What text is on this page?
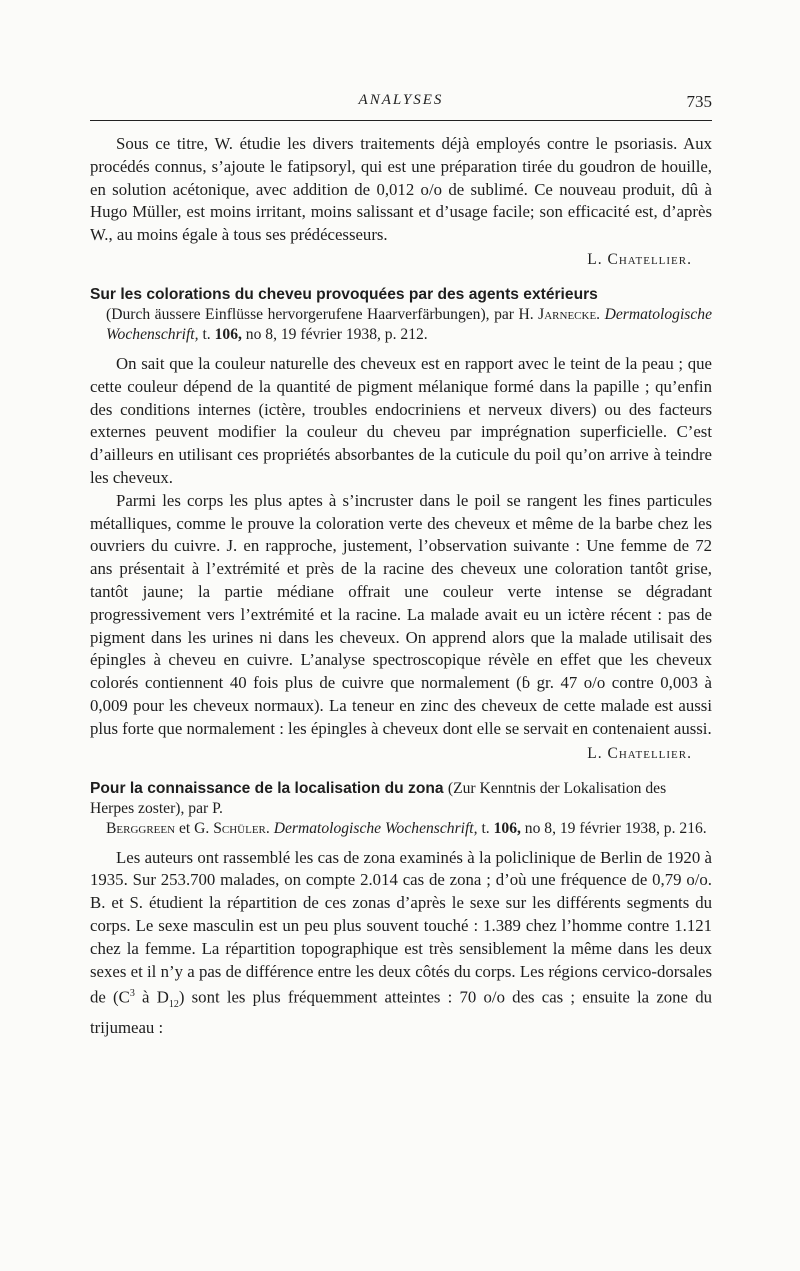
ANALYSES	735

Sous ce titre, W. étudie les divers traitements déjà employés contre le psoriasis. Aux procédés connus, s’ajoute le fatipsoryl, qui est une préparation tirée du goudron de houille, en solution acétonique, avec addition de 0,012 o/o de sublimé. Ce nouveau produit, dû à Hugo Müller, est moins irritant, moins salissant et d’usage facile; son efficacité est, d’après W., au moins égale à tous ses prédécesseurs.

L. Chatellier.
Sur les colorations du cheveu provoquées par des agents extérieurs
(Durch äussere Einflüsse hervorgerufene Haarverfärbungen), par H. Jarnecke. Dermatologische Wochenschrift, t. 106, no 8, 19 février 1938, p. 212.

On sait que la couleur naturelle des cheveux est en rapport avec le teint de la peau ; que cette couleur dépend de la quantité de pigment mélanique formé dans la papille ; qu’enfin des conditions internes (ictère, troubles endocriniens et nerveux divers) ou des facteurs externes peuvent modifier la couleur du cheveu par imprégnation superficielle. C’est d’ailleurs en utilisant ces propriétés absorbantes de la cuticule du poil qu’on arrive à teindre les cheveux.

Parmi les corps les plus aptes à s’incruster dans le poil se rangent les fines particules métalliques, comme le prouve la coloration verte des cheveux et même de la barbe chez les ouvriers du cuivre. J. en rapproche, justement, l’observation suivante : Une femme de 72 ans présentait à l’extrémité et près de la racine des cheveux une coloration tantôt grise, tantôt jaune; la partie médiane offrait une couleur verte intense se dégradant progressivement vers l’extrémité et la racine. La malade avait eu un ictère récent : pas de pigment dans les urines ni dans les cheveux. On apprend alors que la malade utilisait des épingles à cheveu en cuivre. L’analyse spectroscopique révèle en effet que les cheveux colorés contiennent 40 fois plus de cuivre que normalement (ɓ gr. 47 o/o contre 0,003 à 0,009 pour les cheveux normaux). La teneur en zinc des cheveux de cette malade est aussi plus forte que normalement : les épingles à cheveux dont elle se servait en contenaient aussi.

L. Chatellier.
Pour la connaissance de la localisation du zona (Zur Kenntnis der Lokalisation des Herpes zoster), par P.
Berggreen et G. Schüler. Dermatologische Wochenschrift, t. 106, no 8, 19 février 1938, p. 216.

Les auteurs ont rassemblé les cas de zona examinés à la policlinique de Berlin de 1920 à 1935. Sur 253.700 malades, on compte 2.014 cas de zona ; d’où une fréquence de 0,79 o/o. B. et S. étudient la répartition de ces zonas d’après le sexe sur les différents segments du corps. Le sexe masculin est un peu plus souvent touché : 1.389 chez l’homme contre 1.121 chez la femme. La répartition topographique est très sensiblement la même dans les deux sexes et il n’y a pas de différence entre les deux côtés du corps. Les régions cervico-dorsales de ($C^3$ à $D_{12}$) sont les plus fréquemment atteintes : 70 o/o des cas ; ensuite la zone du trijumeau :
